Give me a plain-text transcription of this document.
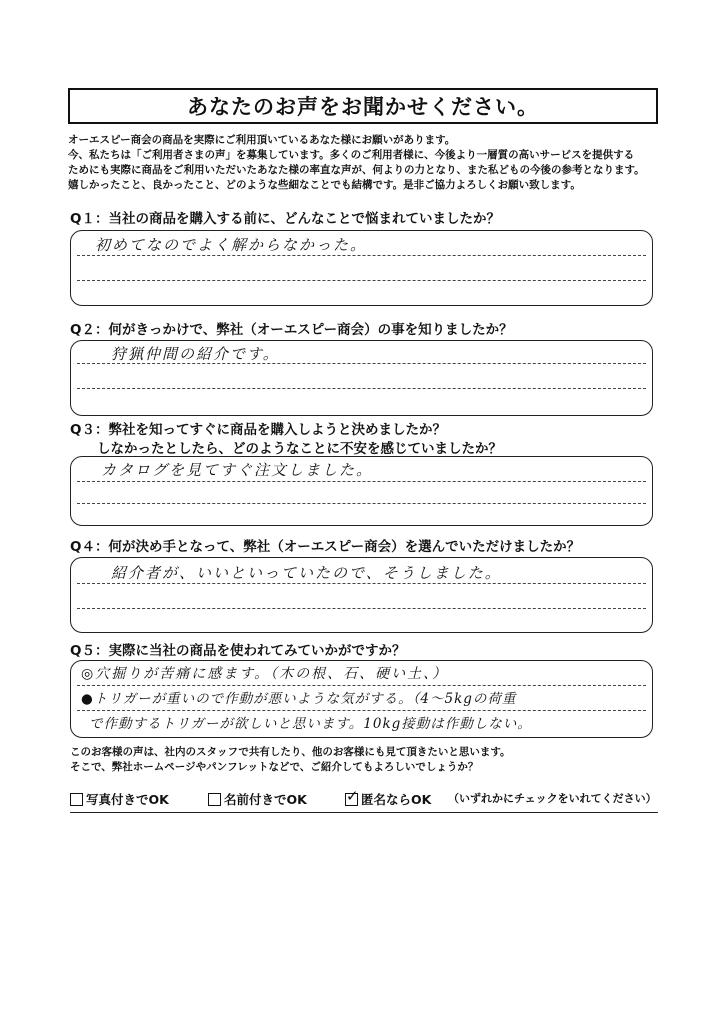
あなたのお声をお聞かせください。
オーエスピー商会の商品を実際にご利用頂いているあなた様にお願いがあります。
今、私たちは「ご利用者さまの声」を募集しています。多くのご利用者様に、今後より一層質の高いサービスを提供する
ためにも実際に商品をご利用いただいたあなた様の率直な声が、何よりの力となり、また私どもの今後の参考となります。
嬉しかったこと、良かったこと、どのような些細なことでも結構です。是非ご協力よろしくお願い致します。
Q１：当社の商品を購入する前に、どんなことで悩まれていましたか？
初めてなのでよく解からなかった。
Q２：何がきっかけで、弊社（オーエスピー商会）の事を知りましたか？
狩猟仲間の紹介です。
Q３：弊社を知ってすぐに商品を購入しようと決めましたか？
　　しなかったとしたら、どのようなことに不安を感じていましたか？
カタログを見てすぐ注文しました。
Q４：何が決め手となって、弊社（オーエスピー商会）を選んでいただけましたか？
紹介者が、いいといっていたので、そうしました。
Q５：実際に当社の商品を使われてみていかがですか？
◎穴掘りが苦痛に感ます。（木の根、石、硬い土、）
●トリガーが重いので作動が悪いような気がする。（4〜5kgの荷重
で作動するトリガーが欲しいと思います。10kg接動は作動しない。
このお客様の声は、社内のスタッフで共有したり、他のお客様にも見て頂きたいと思います。
そこで、弊社ホームページやパンフレットなどで、ご紹介してもよろしいでしょうか？
写真付きでOK	名前付きでOK	✓ 匿名ならOK （いずれかにチェックをいれてください）
